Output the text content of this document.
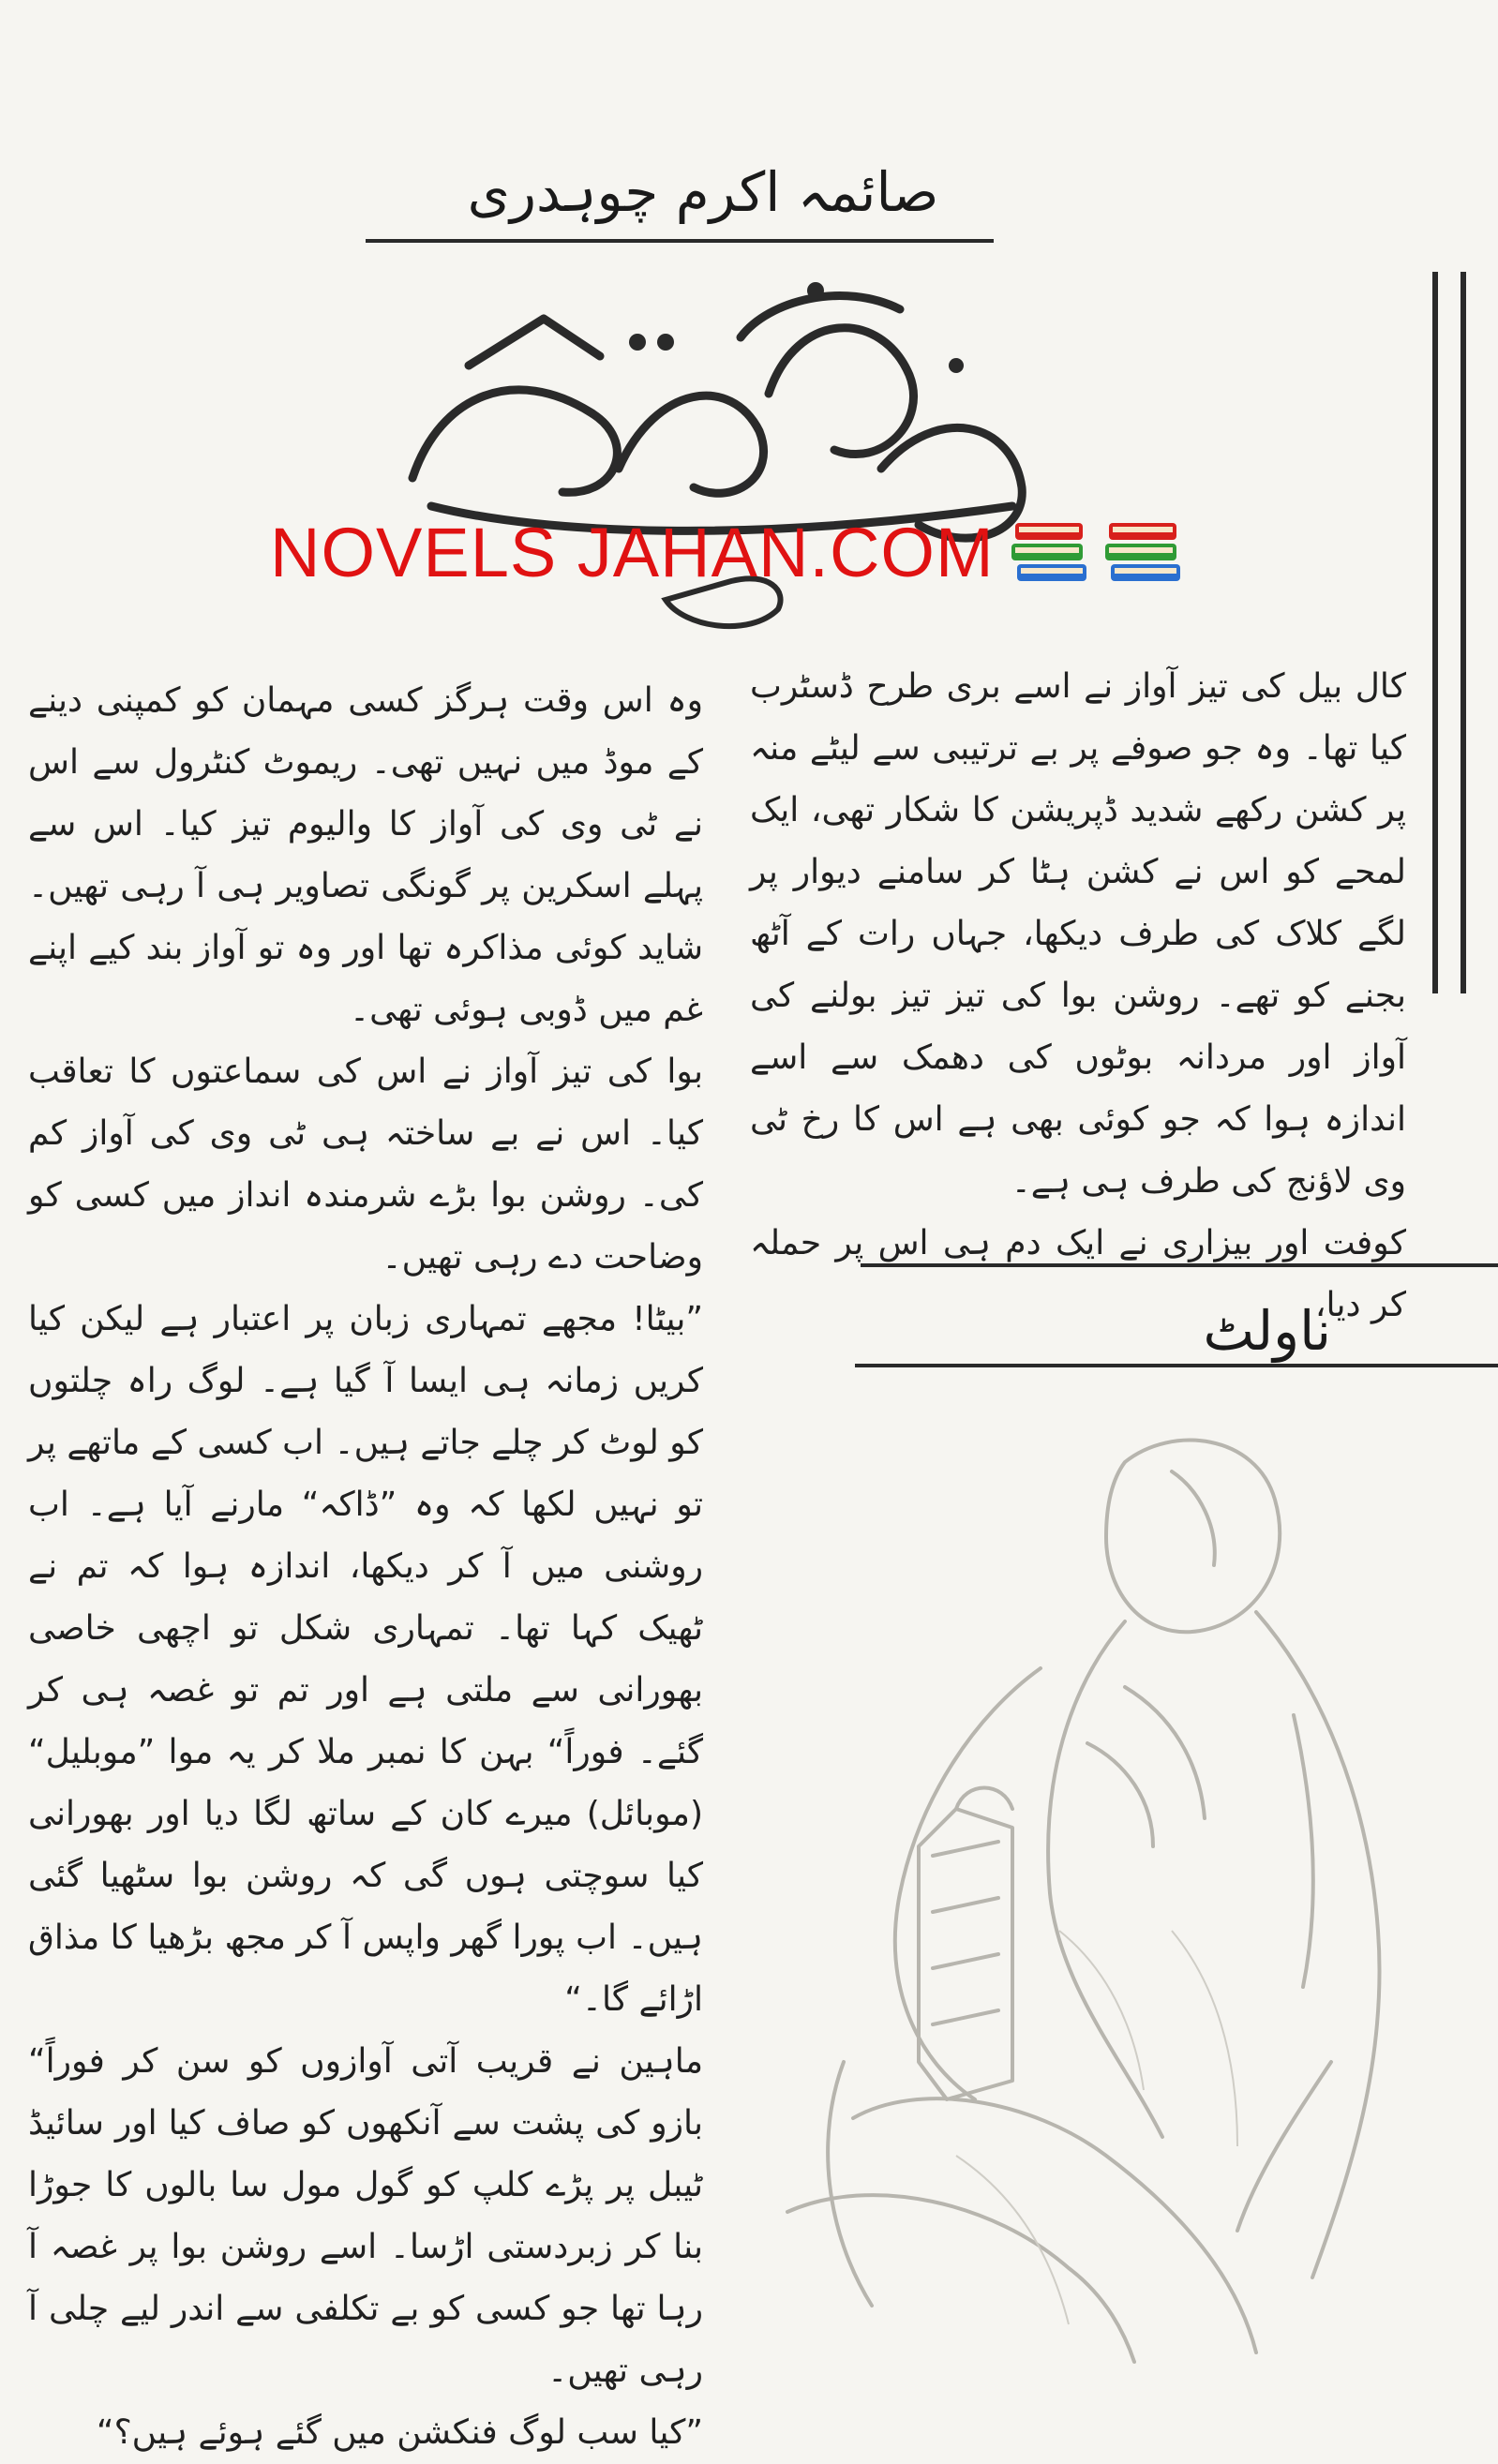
صائمہ اکرم چوہدری
NOVELS JAHAN.COM

کال بیل کی تیز آواز نے اسے بری طرح ڈسٹرب کیا تھا۔ وہ جو صوفے پر بے ترتیبی سے لیٹے منہ پر کشن رکھے شدید ڈپریشن کا شکار تھی، ایک لمحے کو اس نے کشن ہٹا کر سامنے دیوار پر لگے کلاک کی طرف دیکھا، جہاں رات کے آٹھ بجنے کو تھے۔ روشن بوا کی تیز تیز بولنے کی آواز اور مردانہ بوٹوں کی دھمک سے اسے اندازہ ہوا کہ جو کوئی بھی ہے اس کا رخ ٹی وی لاؤنج کی طرف ہی ہے۔

کوفت اور بیزاری نے ایک دم ہی اس پر حملہ کر دیا،

ناولٹ

وہ اس وقت ہرگز کسی مہمان کو کمپنی دینے کے موڈ میں نہیں تھی۔ ریموٹ کنٹرول سے اس نے ٹی وی کی آواز کا والیوم تیز کیا۔ اس سے پہلے اسکرین پر گونگی تصاویر ہی آ رہی تھیں۔ شاید کوئی مذاکرہ تھا اور وہ تو آواز بند کیے اپنے غم میں ڈوبی ہوئی تھی۔

بوا کی تیز آواز نے اس کی سماعتوں کا تعاقب کیا۔ اس نے بے ساختہ ہی ٹی وی کی آواز کم کی۔ روشن بوا بڑے شرمندہ انداز میں کسی کو وضاحت دے رہی تھیں۔

”بیٹا! مجھے تمہاری زبان پر اعتبار ہے لیکن کیا کریں زمانہ ہی ایسا آ گیا ہے۔ لوگ راہ چلتوں کو لوٹ کر چلے جاتے ہیں۔ اب کسی کے ماتھے پر تو نہیں لکھا کہ وہ ”ڈاکہ“ مارنے آیا ہے۔ اب روشنی میں آ کر دیکھا، اندازہ ہوا کہ تم نے ٹھیک کہا تھا۔ تمہاری شکل تو اچھی خاصی بھورانی سے ملتی ہے اور تم تو غصہ ہی کر گئے۔ فوراً“ بہن کا نمبر ملا کر یہ موا ”موبلیل“ (موبائل) میرے کان کے ساتھ لگا دیا اور بھورانی کیا سوچتی ہوں گی کہ روشن بوا سٹھیا گئی ہیں۔ اب پورا گھر واپس آ کر مجھ بڑھیا کا مذاق اڑائے گا۔“

ماہین نے قریب آتی آوازوں کو سن کر فوراً“ بازو کی پشت سے آنکھوں کو صاف کیا اور سائیڈ ٹیبل پر پڑے کلپ کو گول مول سا بالوں کا جوڑا بنا کر زبردستی اڑسا۔ اسے روشن بوا پر غصہ آ رہا تھا جو کسی کو بے تکلفی سے اندر لیے چلی آ رہی تھیں۔

”کیا سب لوگ فنکشن میں گئے ہوئے ہیں؟“
